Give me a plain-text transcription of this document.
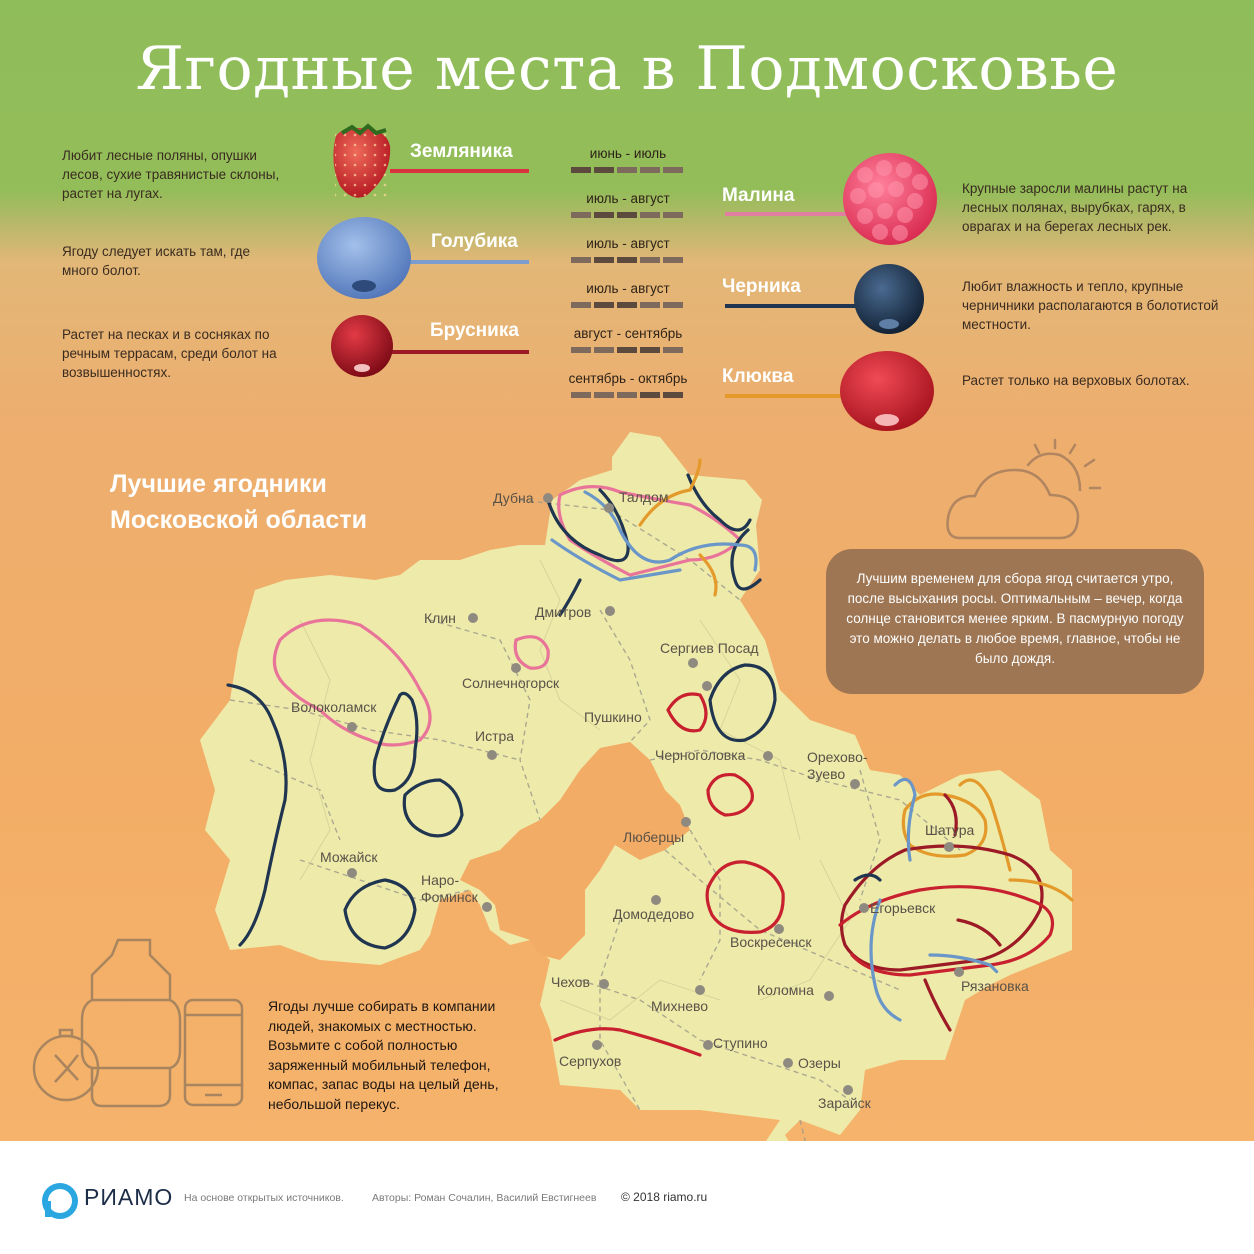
Ягодные места в Подмосковье
Любит лесные поляны, опушки лесов, сухие травянистые склоны, растет на лугах.
Ягоду следует искать там, где много болот.
Растет на песках и в сосняках по речным террасам, среди болот на возвышенностях.
Крупные заросли малины растут на лесных полянах, вырубках, гарях, в оврагах и на берегах лесных рек.
Любит влажность и тепло, крупные черничники располагаются в болотистой местности.
Растет только на верховых болотах.
Земляника
Голубика
Брусника
Малина
Черника
Клюква
июнь - июль
июль - август
июль - август
июль - август
август - сентябрь
сентябрь - октябрь
Дубна	Талдом
Клин	Дмитров
Сергиев Посад
Солнечногорск
Волоколамск
Истра
Пушкино
Черноголовка	Орехово-
Зуево
Люберцы	Шатура
Можайск
Наро-
Фоминск
Домодедово	Егорьевск
Воскресенск
Чехов
Михнево
Коломна	Рязановка
Серпухов
Ступино
Озеры
Зарайск
Лучшие ягодники
Московской области
Лучшим временем для сбора ягод считается утро, после высыхания росы. Оптимальным – вечер, когда солнце становится менее ярким. В пасмурную погоду это можно делать в любое время, главное, чтобы не было дождя.
Ягоды лучше собирать в компании людей, знакомых с местностью. Возьмите с собой полностью заряженный мобильный телефон, компас, запас воды на целый день, небольшой перекус.
РИАМО На основе открытых источников.	Авторы: Роман Сочалин, Василий Евстигнеев © 2018 riamo.ru
